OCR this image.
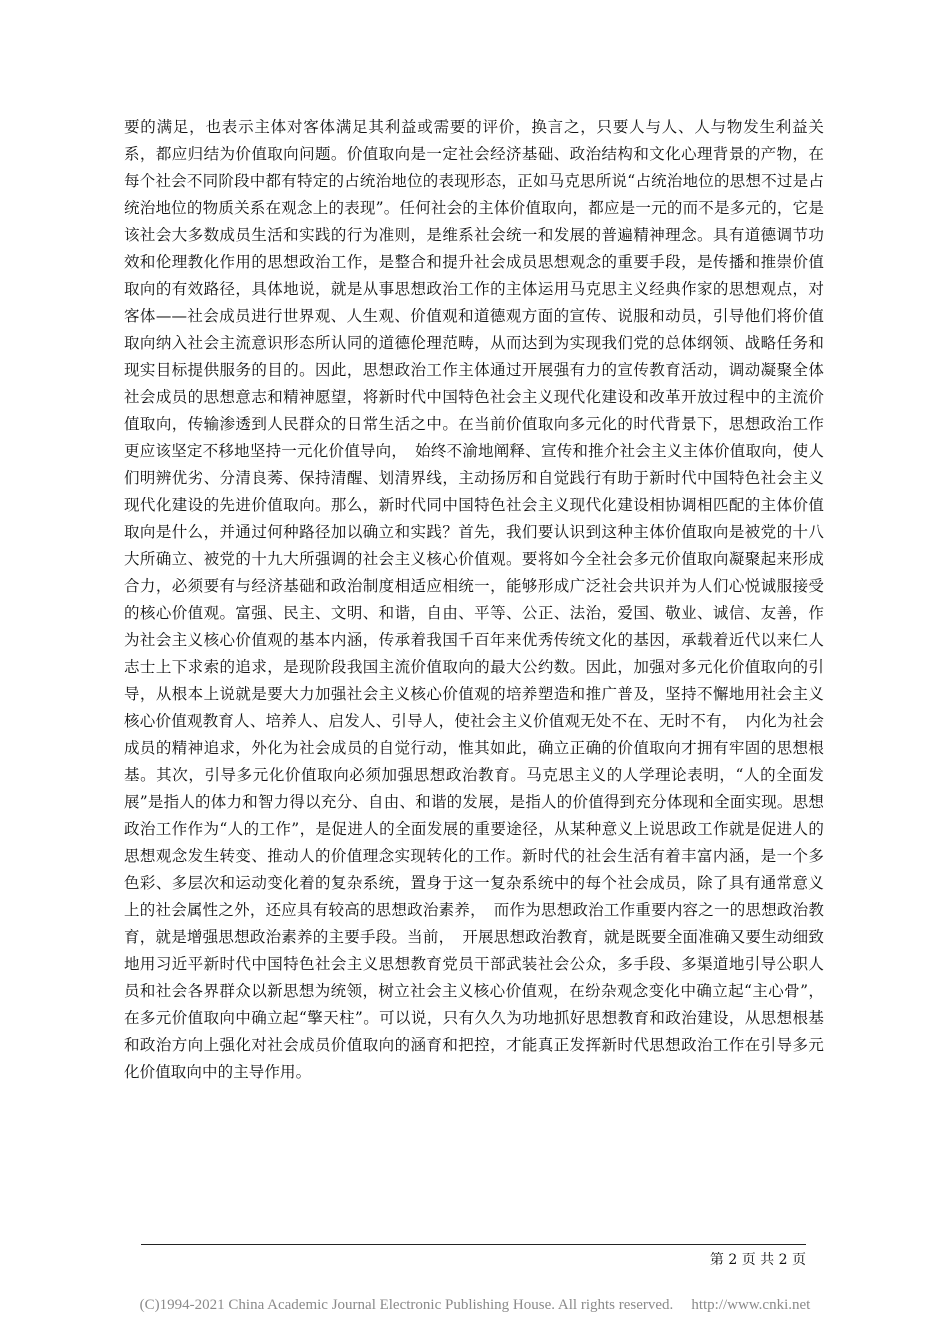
要的满足，也表示主体对客体满足其利益或需要的评价，换言之，只要人与人、人与物发生利益关系，都应归结为价值取向问题。价值取向是一定社会经济基础、政治结构和文化心理背景的产物，在每个社会不同阶段中都有特定的占统治地位的表现形态，正如马克思所说“占统治地位的思想不过是占统治地位的物质关系在观念上的表现”。任何社会的主体价值取向，都应是一元的而不是多元的，它是该社会大多数成员生活和实践的行为准则，是维系社会统一和发展的普遍精神理念。具有道德调节功效和伦理教化作用的思想政治工作，是整合和提升社会成员思想观念的重要手段，是传播和推崇价值取向的有效路径，具体地说，就是从事思想政治工作的主体运用马克思主义经典作家的思想观点，对客体——社会成员进行世界观、人生观、价值观和道德观方面的宣传、说服和动员，引导他们将价值取向纳入社会主流意识形态所认同的道德伦理范畴，从而达到为实现我们党的总体纲领、战略任务和现实目标提供服务的目的。因此，思想政治工作主体通过开展强有力的宣传教育活动，调动凝聚全体社会成员的思想意志和精神愿望，将新时代中国特色社会主义现代化建设和改革开放过程中的主流价值取向，传输渗透到人民群众的日常生活之中。在当前价值取向多元化的时代背景下，思想政治工作更应该坚定不移地坚持一元化价值导向，　始终不渝地阐释、宣传和推介社会主义主体价值取向，使人们明辨优劣、分清良莠、保持清醒、划清界线，主动扬厉和自觉践行有助于新时代中国特色社会主义现代化建设的先进价值取向。那么，新时代同中国特色社会主义现代化建设相协调相匹配的主体价值取向是什么，并通过何种路径加以确立和实践？首先，我们要认识到这种主体价值取向是被党的十八大所确立、被党的十九大所强调的社会主义核心价值观。要将如今全社会多元价值取向凝聚起来形成合力，必须要有与经济基础和政治制度相适应相统一，能够形成广泛社会共识并为人们心悦诚服接受的核心价值观。富强、民主、文明、和谐，自由、平等、公正、法治，爱国、敬业、诚信、友善，作为社会主义核心价值观的基本内涵，传承着我国千百年来优秀传统文化的基因，承载着近代以来仁人志士上下求索的追求，是现阶段我国主流价值取向的最大公约数。因此，加强对多元化价值取向的引导，从根本上说就是要大力加强社会主义核心价值观的培养塑造和推广普及，坚持不懈地用社会主义核心价值观教育人、培养人、启发人、引导人，使社会主义价值观无处不在、无时不有，　内化为社会成员的精神追求，外化为社会成员的自觉行动，惟其如此，确立正确的价值取向才拥有牢固的思想根基。其次，引导多元化价值取向必须加强思想政治教育。马克思主义的人学理论表明，“人的全面发展”是指人的体力和智力得以充分、自由、和谐的发展，是指人的价值得到充分体现和全面实现。思想政治工作作为“人的工作”，是促进人的全面发展的重要途径，从某种意义上说思政工作就是促进人的思想观念发生转变、推动人的价值理念实现转化的工作。新时代的社会生活有着丰富内涵，是一个多色彩、多层次和运动变化着的复杂系统，置身于这一复杂系统中的每个社会成员，除了具有通常意义上的社会属性之外，还应具有较高的思想政治素养，　而作为思想政治工作重要内容之一的思想政治教育，就是增强思想政治素养的主要手段。当前，　开展思想政治教育，就是既要全面准确又要生动细致地用习近平新时代中国特色社会主义思想教育党员干部武装社会公众，多手段、多渠道地引导公职人员和社会各界群众以新思想为统领，树立社会主义核心价值观，在纷杂观念变化中确立起“主心骨”，在多元价值取向中确立起“擎天柱”。可以说，只有久久为功地抓好思想教育和政治建设，从思想根基和政治方向上强化对社会成员价值取向的涵育和把控，才能真正发挥新时代思想政治工作在引导多元化价值取向中的主导作用。

第 2 页 共 2 页
(C)1994-2021 China Academic Journal Electronic Publishing House. All rights reserved. http://www.cnki.net
